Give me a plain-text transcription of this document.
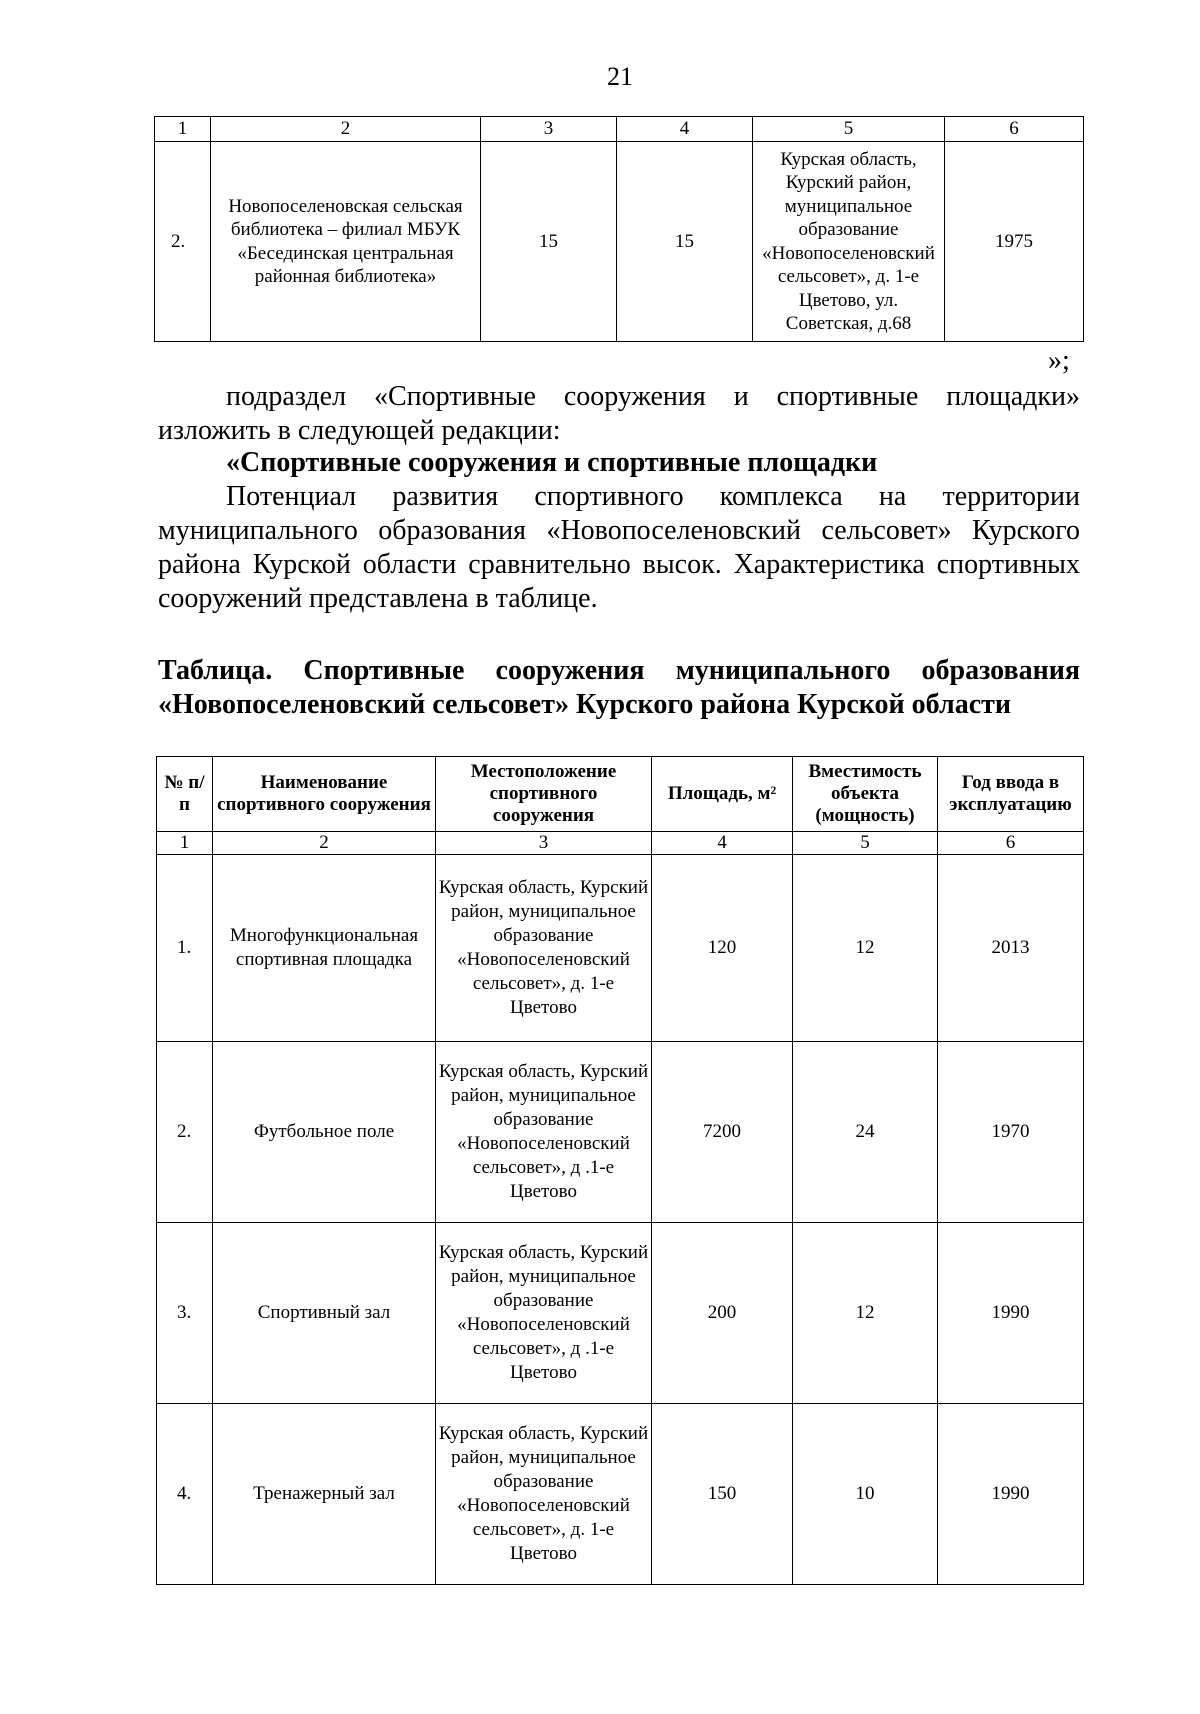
21
1	2	3	4	5	6
2.	Новопоселеновская сельская библиотека – филиал МБУК «Бесединская центральная районная библиотека»	15	15	Курская область, Курский район, муниципальное образование «Новопоселеновский сельсовет», д. 1-е Цветово, ул. Советская, д.68	1975
»;
подраздел «Спортивные сооружения и спортивные площадки»
изложить в следующей редакции:
«Спортивные сооружения и спортивные площадки
Потенциал развития спортивного комплекса на территории муниципального образования «Новопоселеновский сельсовет» Курского района Курской области сравнительно высок. Характеристика спортивных сооружений представлена в таблице.
Таблица. Спортивные сооружения муниципального образования
«Новопоселеновский сельсовет» Курского района Курской области
№ п/п	Наименование спортивного сооружения	Местоположение спортивного сооружения	Площадь, м²	Вместимость объекта (мощность)	Год ввода в эксплуатацию
1	2	3	4	5	6
1.	Многофункциональная спортивная площадка	Курская область, Курский район, муниципальное образование «Новопоселеновский сельсовет», д. 1-е Цветово	120	12	2013
2.	Футбольное поле	Курская область, Курский район, муниципальное образование «Новопоселеновский сельсовет», д .1-е Цветово	7200	24	1970
3.	Спортивный зал	Курская область, Курский район, муниципальное образование «Новопоселеновский сельсовет», д .1-е Цветово	200	12	1990
4.	Тренажерный зал	Курская область, Курский район, муниципальное образование «Новопоселеновский сельсовет», д. 1-е Цветово	150	10	1990
